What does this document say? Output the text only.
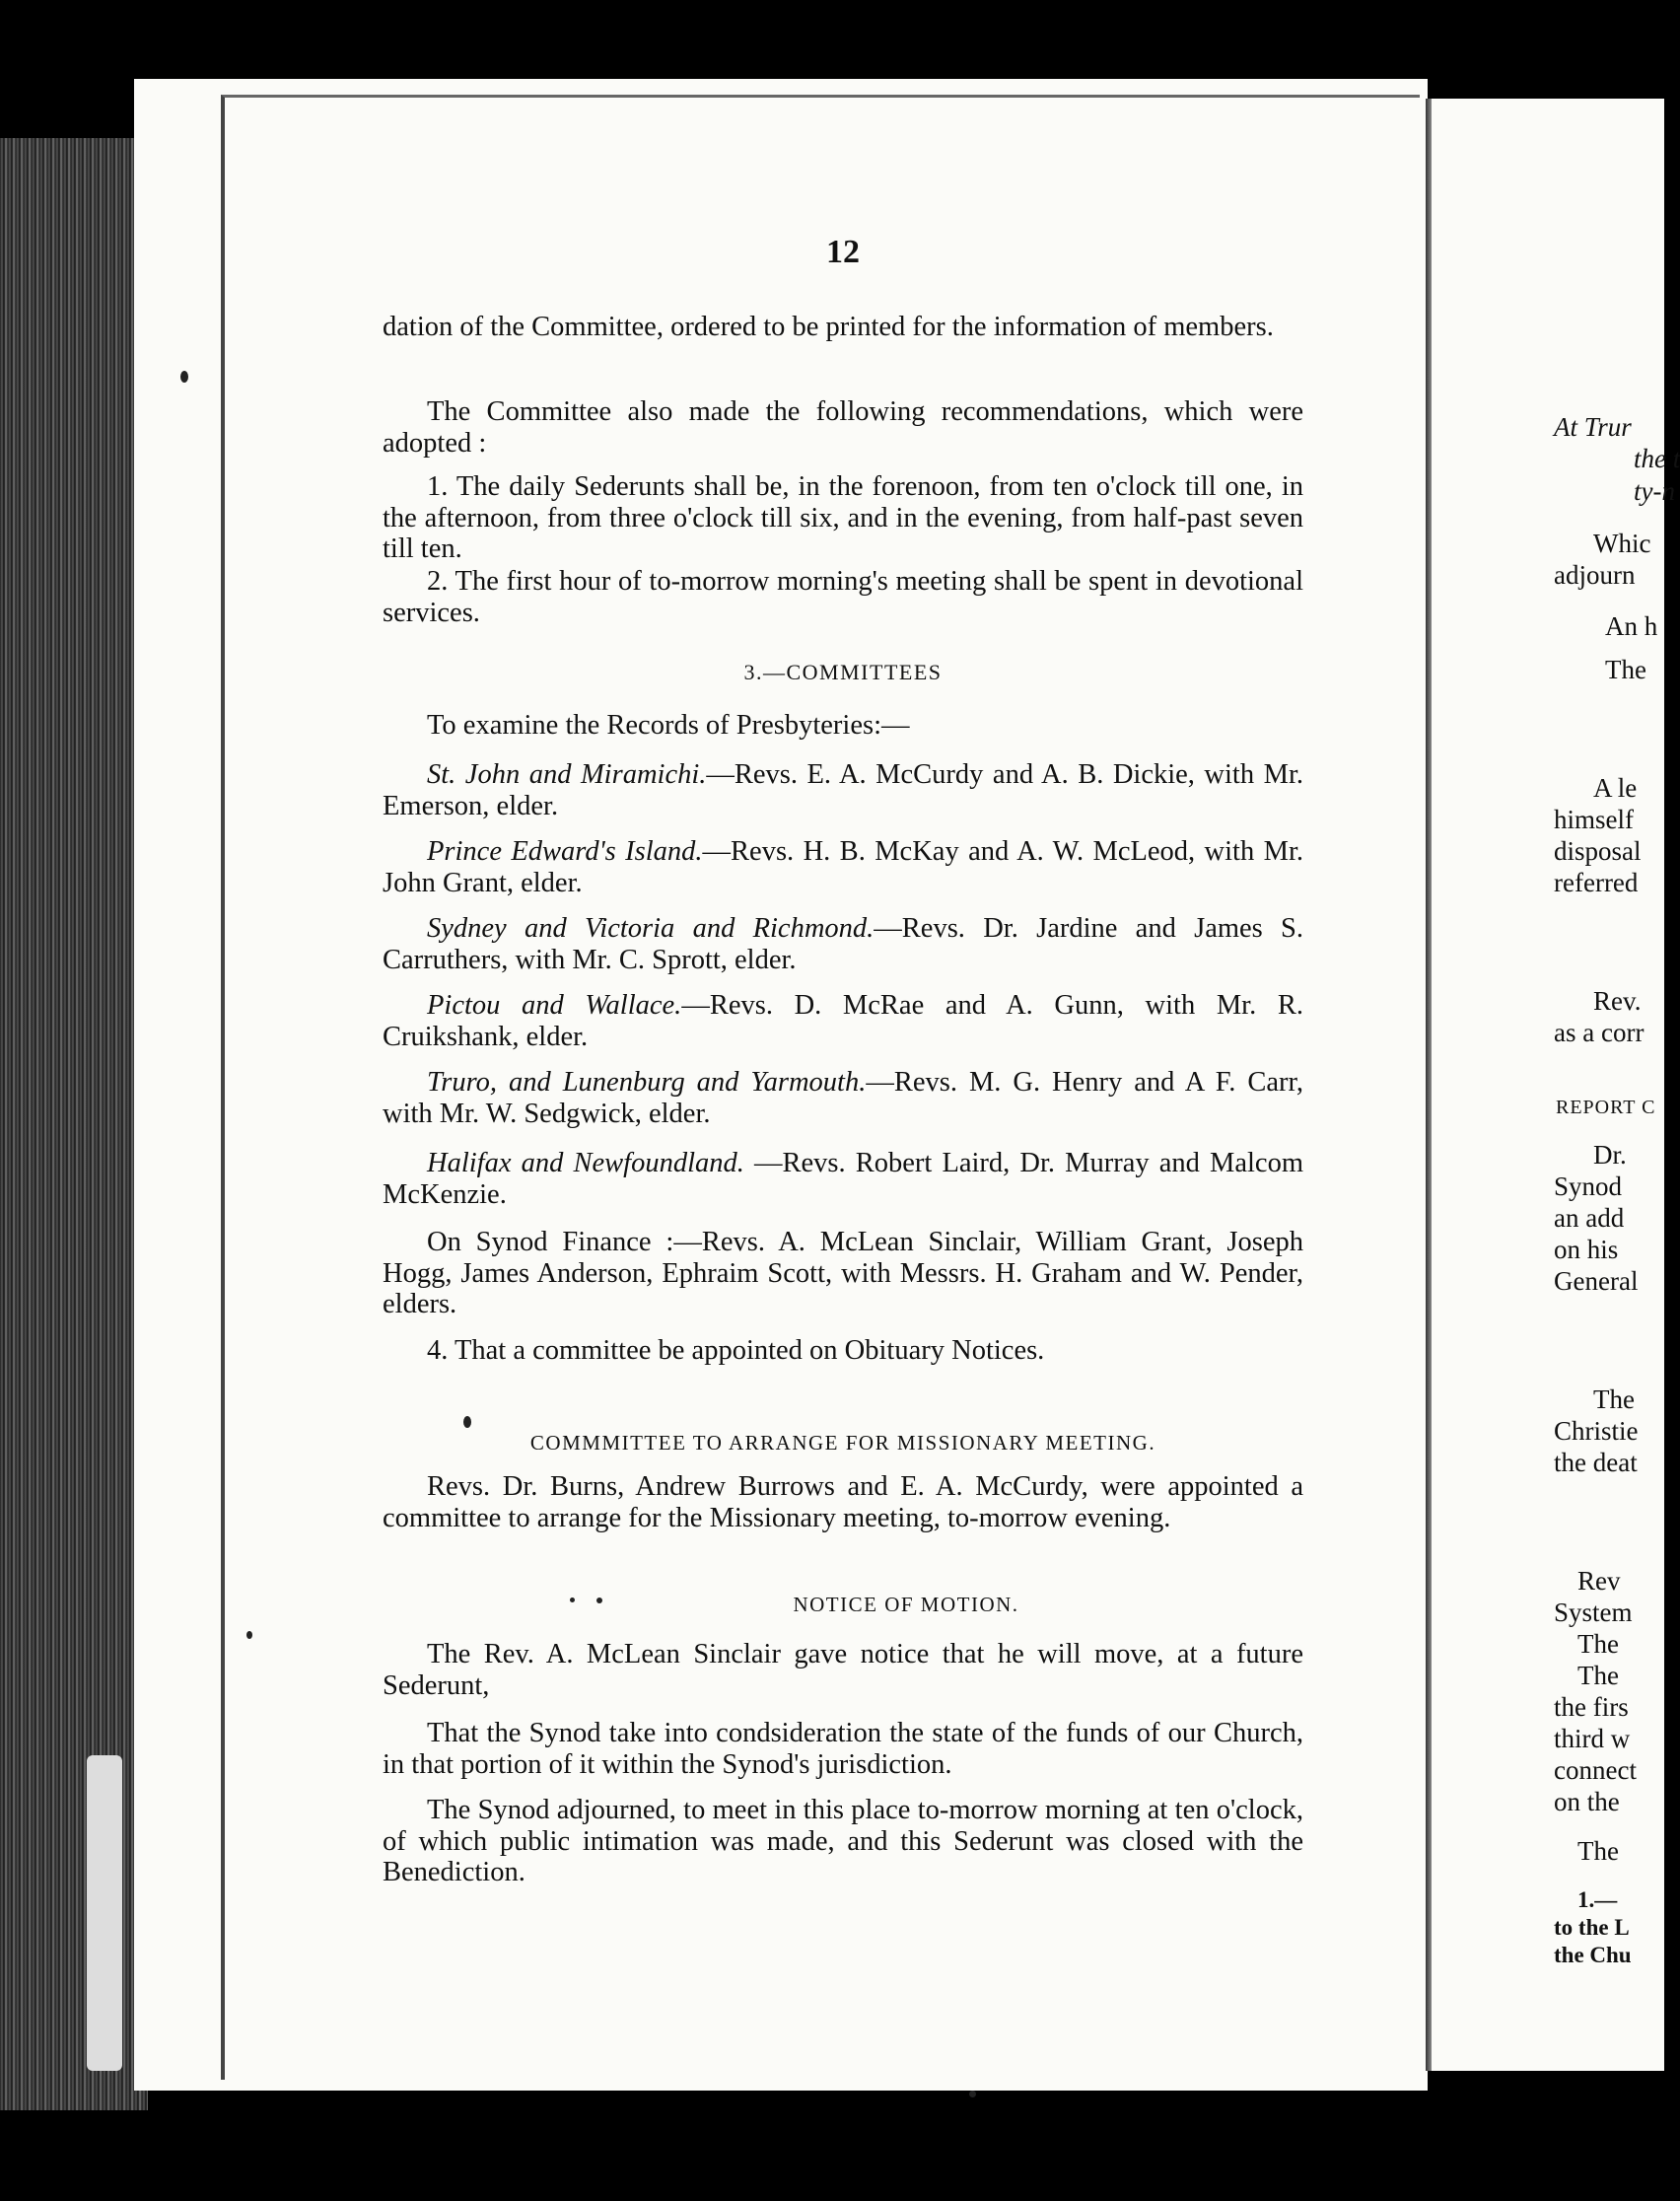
At Trur
the t
ty-n
Whic
adjourn
An h
The
A le
himself
disposal
referred
Rev.
as a corr
REPORT C
Dr.
Synod
an add
on his
General
The
Christie
the deat
Rev
System
The
The
the firs
third w
connect
on the
The
1.—
to the L
the Chu
12
dation of the Committee, ordered to be printed for the information of members.
The Committee also made the following recommendations, which were adopted :
1. The daily Sederunts shall be, in the forenoon, from ten o'clock till one, in the afternoon, from three o'clock till six, and in the evening, from half-past seven till ten.
2. The first hour of to-morrow morning's meeting shall be spent in devotional services.
3.—COMMITTEES
To examine the Records of Presbyteries:—
St. John and Miramichi.—Revs. E. A. McCurdy and A. B. Dickie, with Mr. Emerson, elder.
Prince Edward's Island.—Revs. H. B. McKay and A. W. McLeod, with Mr. John Grant, elder.
Sydney and Victoria and Richmond.—Revs. Dr. Jardine and James S. Carruthers, with Mr. C. Sprott, elder.
Pictou and Wallace.—Revs. D. McRae and A. Gunn, with Mr. R. Cruikshank, elder.
Truro, and Lunenburg and Yarmouth.—Revs. M. G. Henry and A F. Carr, with Mr. W. Sedgwick, elder.
Halifax and Newfoundland. —Revs. Robert Laird, Dr. Murray and Malcom McKenzie.
On Synod Finance :—Revs. A. McLean Sinclair, William Grant, Joseph Hogg, James Anderson, Ephraim Scott, with Messrs. H. Graham and W. Pender, elders.
4. That a committee be appointed on Obituary Notices.
COMMMITTEE TO ARRANGE FOR MISSIONARY MEETING.
Revs. Dr. Burns, Andrew Burrows and E. A. McCurdy, were appointed a committee to arrange for the Missionary meeting, to-morrow evening.
NOTICE OF MOTION.
The Rev. A. McLean Sinclair gave notice that he will move, at a future Sederunt,
That the Synod take into condsideration the state of the funds of our Church, in that portion of it within the Synod's jurisdiction.
The Synod adjourned, to meet in this place to-morrow morning at ten o'clock, of which public intimation was made, and this Sederunt was closed with the Benediction.
